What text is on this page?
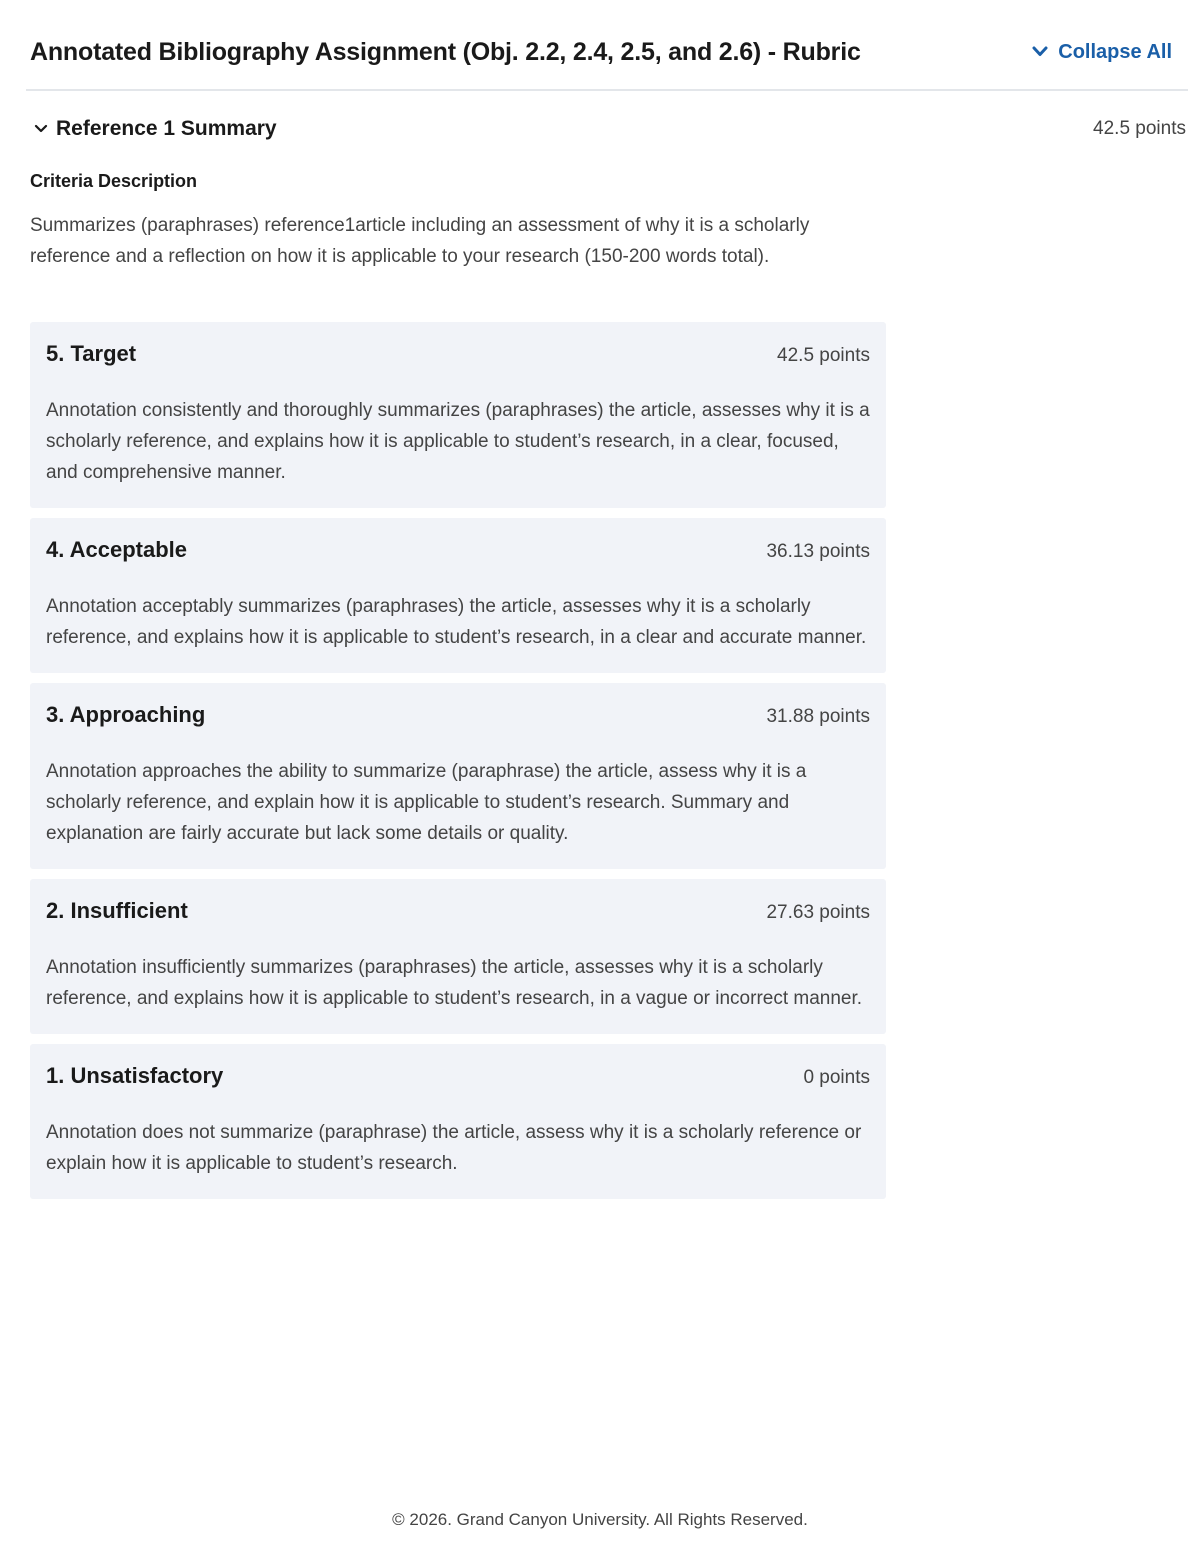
Annotated Bibliography Assignment (Obj. 2.2, 2.4, 2.5, and 2.6) - Rubric	Collapse All
Reference 1 Summary	42.5 points
Criteria Description
Summarizes (paraphrases) reference1article including an assessment of why it is a scholarly reference and a reflection on how it is applicable to your research (150-200 words total).
5. Target	42.5 points
Annotation consistently and thoroughly summarizes (paraphrases) the article, assesses why it is a scholarly reference, and explains how it is applicable to student’s research, in a clear, focused, and comprehensive manner.
4. Acceptable	36.13 points
Annotation acceptably summarizes (paraphrases) the article, assesses why it is a scholarly reference, and explains how it is applicable to student’s research, in a clear and accurate manner.
3. Approaching	31.88 points
Annotation approaches the ability to summarize (paraphrase) the article, assess why it is a scholarly reference, and explain how it is applicable to student’s research. Summary and explanation are fairly accurate but lack some details or quality.
2. Insufficient	27.63 points
Annotation insufficiently summarizes (paraphrases) the article, assesses why it is a scholarly reference, and explains how it is applicable to student’s research, in a vague or incorrect manner.
1. Unsatisfactory	0 points
Annotation does not summarize (paraphrase) the article, assess why it is a scholarly reference or explain how it is applicable to student’s research.
© 2026. Grand Canyon University. All Rights Reserved.
